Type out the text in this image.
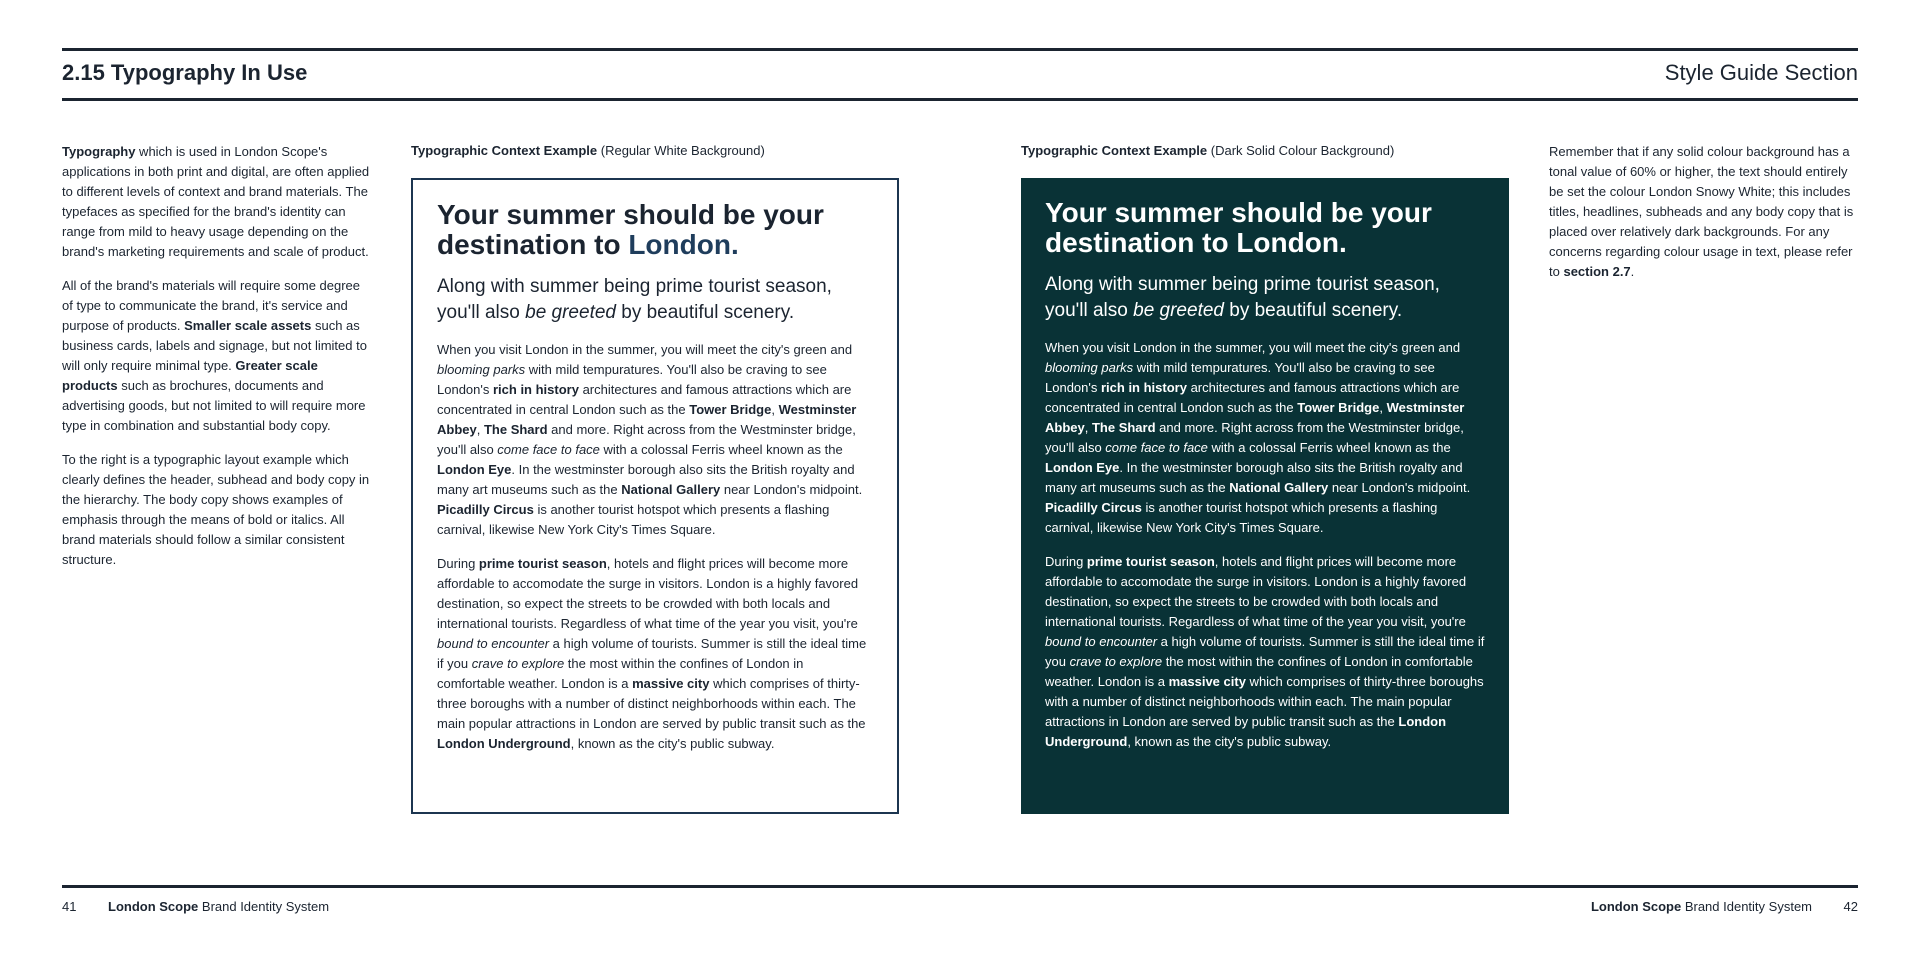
2.15 Typography In Use	Style Guide Section

Typography which is used in London Scope's applications in both print and digital, are often applied to different levels of context and brand materials. The typefaces as specified for the brand's identity can range from mild to heavy usage depending on the brand's marketing requirements and scale of product.

All of the brand's materials will require some degree of type to communicate the brand, it's service and purpose of products. Smaller scale assets such as business cards, labels and signage, but not limited to will only require minimal type. Greater scale products such as brochures, documents and advertising goods, but not limited to will require more type in combination and substantial body copy.

To the right is a typographic layout example which clearly defines the header, subhead and body copy in the hierarchy. The body copy shows examples of emphasis through the means of bold or italics. All brand materials should follow a similar consistent structure.

Typographic Context Example (Regular White Background)
Your summer should be your destination to London.
Along with summer being prime tourist season, you'll also be greeted by beautiful scenery.

When you visit London in the summer, you will meet the city's green and blooming parks with mild tempuratures. You'll also be craving to see London's rich in history architectures and famous attractions which are concentrated in central London such as the Tower Bridge, Westminster Abbey, The Shard and more. Right across from the Westminster bridge, you'll also come face to face with a colossal Ferris wheel known as the London Eye. In the westminster borough also sits the British royalty and many art museums such as the National Gallery near London's midpoint. Picadilly Circus is another tourist hotspot which presents a flashing carnival, likewise New York City's Times Square.

During prime tourist season, hotels and flight prices will become more affordable to accomodate the surge in visitors. London is a highly favored destination, so expect the streets to be crowded with both locals and international tourists. Regardless of what time of the year you visit, you're bound to encounter a high volume of tourists. Summer is still the ideal time if you crave to explore the most within the confines of London in comfortable weather. London is a massive city which comprises of thirty-three boroughs with a number of distinct neighborhoods within each. The main popular attractions in London are served by public transit such as the London Underground, known as the city's public subway.

Typographic Context Example (Dark Solid Colour Background)
Your summer should be your destination to London.
Along with summer being prime tourist season, you'll also be greeted by beautiful scenery.

When you visit London in the summer, you will meet the city's green and blooming parks with mild tempuratures. You'll also be craving to see London's rich in history architectures and famous attractions which are concentrated in central London such as the Tower Bridge, Westminster Abbey, The Shard and more. Right across from the Westminster bridge, you'll also come face to face with a colossal Ferris wheel known as the London Eye. In the westminster borough also sits the British royalty and many art museums such as the National Gallery near London's midpoint. Picadilly Circus is another tourist hotspot which presents a flashing carnival, likewise New York City's Times Square.

During prime tourist season, hotels and flight prices will become more affordable to accomodate the surge in visitors. London is a highly favored destination, so expect the streets to be crowded with both locals and international tourists. Regardless of what time of the year you visit, you're bound to encounter a high volume of tourists. Summer is still the ideal time if you crave to explore the most within the confines of London in comfortable weather. London is a massive city which comprises of thirty-three boroughs with a number of distinct neighborhoods within each. The main popular attractions in London are served by public transit such as the London Underground, known as the city's public subway.

Remember that if any solid colour background has a tonal value of 60% or higher, the text should entirely be set the colour London Snowy White; this includes titles, headlines, subheads and any body copy that is placed over relatively dark backgrounds. For any concerns regarding colour usage in text, please refer to section 2.7.

41 London Scope Brand Identity System	London Scope Brand Identity System 42
